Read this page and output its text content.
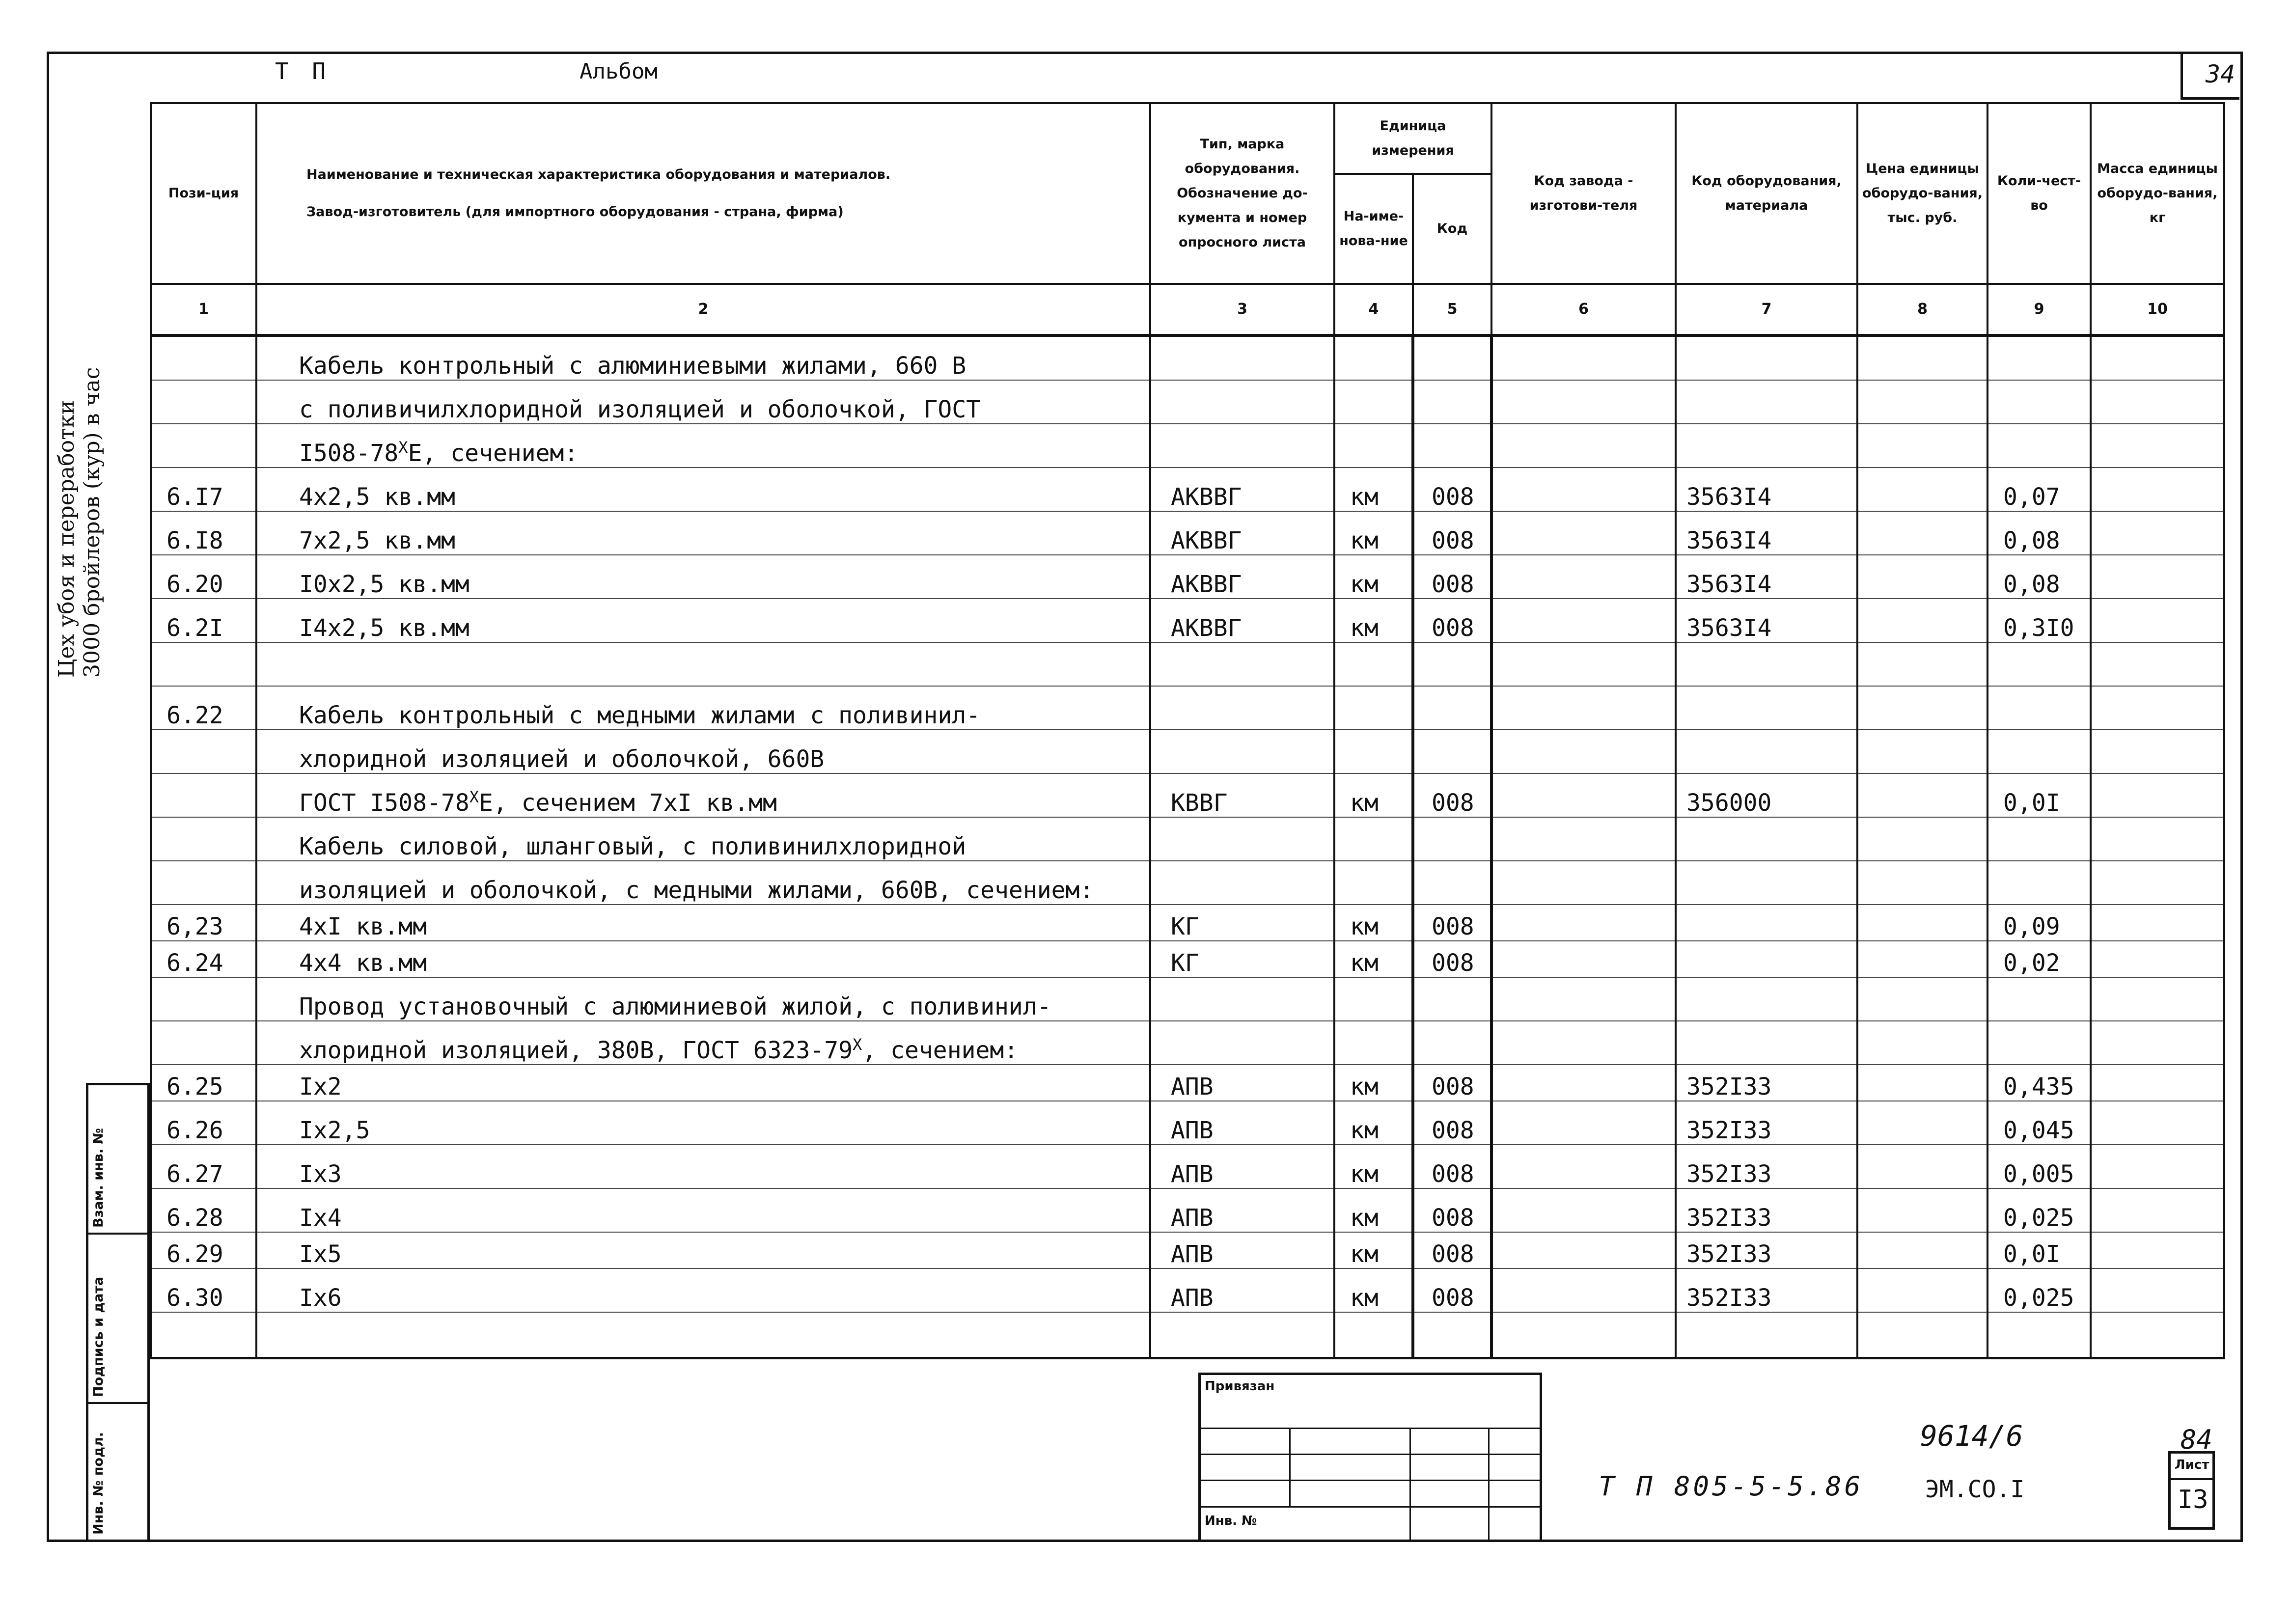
Т П	Альбом	34
Цех убоя и переработки 3000 бройлеров (кур) в час
Взам. инв. №
Подпись и дата
Инв. № подл.
Пози-ция	Наименование и техническая характеристика оборудования и материалов.
Завод-изготовитель (для импортного оборудования - страна, фирма)	Тип, марка оборудования. Обозначение до-кумента и номер опросного листа	Единица измерения		Код завода - изготови-теля	Код оборудования, материала	Цена единицы оборудо-вания, тыс. руб.	Коли-чест-во	Масса единицы оборудо-вания, кг
			На-име-нова-ние	Код					
1	2	3	4	5	6	7	8	9	10
	Кабель контрольный с алюминиевыми жилами, 660 В								
	с поливичилхлоридной изоляцией и оболочкой, ГОСТ								
	$I508-78^XЕ$, сечением:								
6.I7	4х2,5 кв.мм	АКВВГ	км	008		3563I4		0,07	
6.I8	7х2,5 кв.мм	АКВВГ	км	008		3563I4		0,08	
6.20	I0х2,5 кв.мм	АКВВГ	км	008		3563I4		0,08	
6.2I	I4х2,5 кв.мм	АКВВГ	км	008		3563I4		0,3I0	

6.22	Кабель контрольный с медными жилами с поливинил-								
	хлоридной изоляцией и оболочкой, 660В								
	ГОСТ $I508-78^XЕ$, сечением 7хI кв.мм	КВВГ	км	008		356000		0,0I	
	Кабель силовой, шланговый, с поливинилхлоридной								
	изоляцией и оболочкой, с медными жилами, 660В, сечением:								
6,23	4хI кв.мм	КГ	км	008				0,09	
6.24	4х4 кв.мм	КГ	км	008				0,02	
	Провод установочный с алюминиевой жилой, с поливинил-								
	хлоридной изоляцией, 380В, ГОСТ $6323-79^X$, сечением:								
6.25	Iх2	АПВ	км	008		352I33		0,435	
6.26	Iх2,5	АПВ	км	008		352I33		0,045	
6.27	Iх3	АПВ	км	008		352I33		0,005	
6.28	Iх4	АПВ	км	008		352I33		0,025	
6.29	Iх5	АПВ	км	008		352I33		0,0I	
6.30	Iх6	АПВ	км	008		352I33		0,025	

Привязан
Инв. №
9614/6	84
Т П 805-5-5.86	ЭМ.СО.I
Лист
I3
